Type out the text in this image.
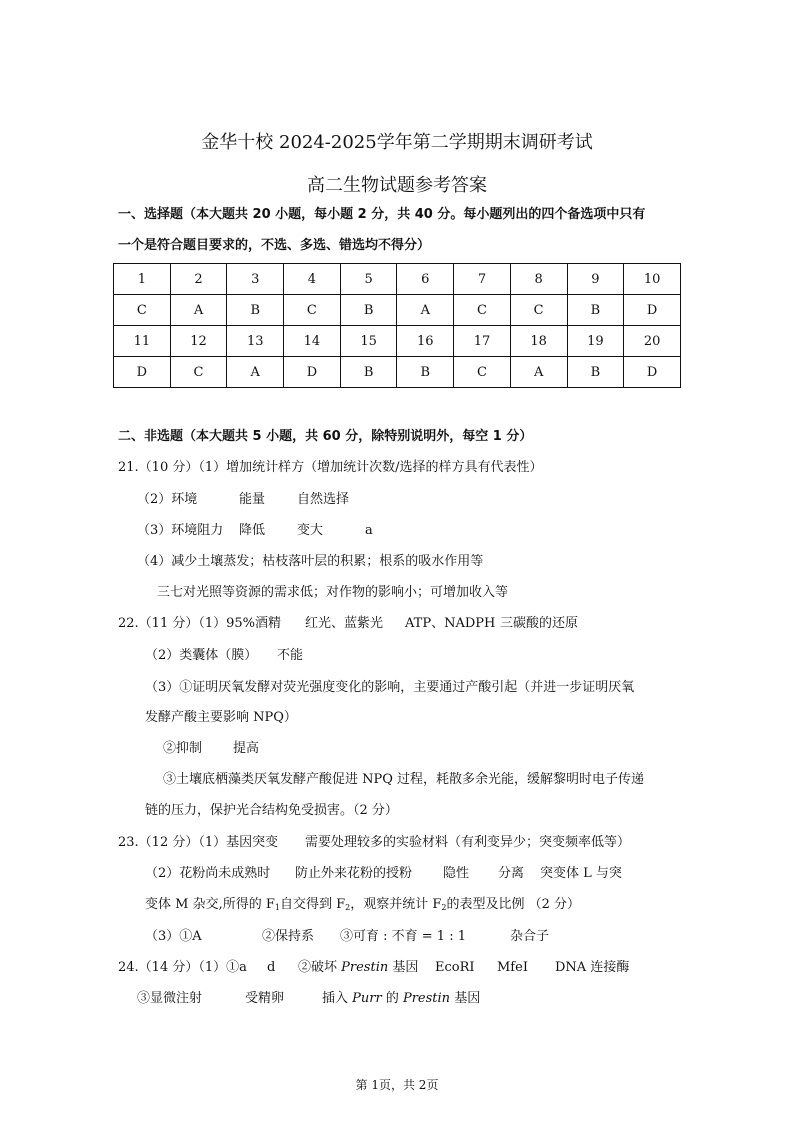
金华十校 2024-2025学年第二学期期末调研考试
高二生物试题参考答案
一、选择题（本大题共 20 小题，每小题 2 分，共 40 分。每小题列出的四个备选项中只有
一个是符合题目要求的，不选、多选、错选均不得分）
1	2	3	4	5	6	7	8	9	10
C	A	B	C	B	A	C	C	B	D
11	12	13	14	15	16	17	18	19	20
D	C	A	D	B	B	C	A	B	D
二、非选题（本大题共 5 小题，共 60 分，除特别说明外，每空 1 分）
21.（10 分）（1）增加统计样方（增加统计次数/选择的样方具有代表性）
（2）环境	能量 自然选择
（3）环境阻力 降低 变大	a
（4）减少土壤蒸发；枯枝落叶层的积累；根系的吸水作用等
三七对光照等资源的需求低；对作物的影响小；可增加收入等
22.（11 分）（1）95%酒精 红光、蓝紫光 ATP、NADPH 三碳酸的还原
（2）类囊体（膜） 不能
（3）①证明厌氧发酵对荧光强度变化的影响，主要通过产酸引起（并进一步证明厌氧
发酵产酸主要影响 NPQ）
②抑制 提高
③土壤底栖藻类厌氧发酵产酸促进 NPQ 过程，耗散多余光能，缓解黎明时电子传递
链的压力，保护光合结构免受损害。（2 分）
23.（12 分）（1）基因突变 需要处理较多的实验材料（有利变异少；突变频率低等）
（2）花粉尚未成熟时 防止外来花粉的授粉 隐性 分离 突变体 L 与突
变体 M 杂交,所得的 $F_1$自交得到 $F_2$，观察并统计 $F_2$的表型及比例 （2 分）
（3）①A	②保持系 ③可育 : 不育 = 1 : 1	杂合子
24.（14 分）（1）①a d ②破坏 Prestin 基因 EcoRⅠ MfeⅠ DNA 连接酶
③显微注射	受精卵	插入 Purr 的 Prestin 基因
第 1页，共 2页
